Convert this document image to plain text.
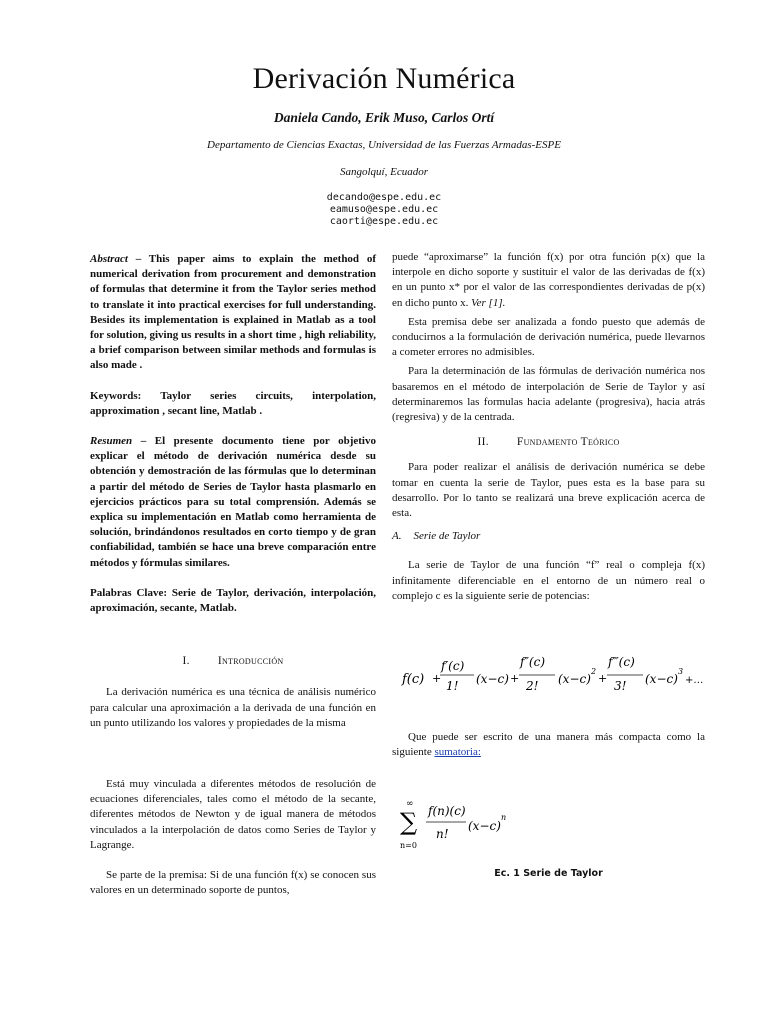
Derivación Numérica
Daniela Cando, Erik Muso, Carlos Ortí
Departamento de Ciencias Exactas, Universidad de las Fuerzas Armadas-ESPE
Sangolquí, Ecuador
decando@espe.edu.ec
eamuso@espe.edu.ec
caorti@espe.edu.ec

Abstract – This paper aims to explain the method of numerical derivation from procurement and demonstration of formulas that determine it from the Taylor series method to translate it into practical exercises for full understanding. Besides its implementation is explained in Matlab as a tool for solution, giving us results in a short time , high reliability, a brief comparison between similar methods and formulas is also made .

Keywords: Taylor series circuits, interpolation, approximation , secant line, Matlab .

Resumen – El presente documento tiene por objetivo explicar el método de derivación numérica desde su obtención y demostración de las fórmulas que lo determinan a partir del método de Series de Taylor hasta plasmarlo en ejercicios prácticos para su total comprensión. Además se explica su implementación en Matlab como herramienta de solución, brindándonos resultados en corto tiempo y de gran confiabilidad, también se hace una breve comparación entre métodos y fórmulas similares.

Palabras Clave: Serie de Taylor, derivación, interpolación, aproximación, secante, Matlab.

I. Introducción

La derivación numérica es una técnica de análisis numérico para calcular una aproximación a la derivada de una función en un punto utilizando los valores y propiedades de la misma

Está muy vinculada a diferentes métodos de resolución de ecuaciones diferenciales, tales como el método de la secante, diferentes métodos de Newton y de igual manera de métodos vinculados a la interpolación de datos como Series de Taylor y Lagrange.

Se parte de la premisa: Si de una función f(x) se conocen sus valores en un determinado soporte de puntos,

puede “aproximarse” la función f(x) por otra función p(x) que la interpole en dicho soporte y sustituir el valor de las derivadas de f(x) en un punto x* por el valor de las correspondientes derivadas de p(x) en dicho punto x. Ver [1].

Esta premisa debe ser analizada a fondo puesto que además de conducirnos a la formulación de derivación numérica, puede llevarnos a cometer errores no admisibles.

Para la determinación de las fórmulas de derivación numérica nos basaremos en el método de interpolación de Serie de Taylor y así determinaremos las formulas hacia adelante (progresiva), hacia atrás (regresiva) y de la centrada.

II. Fundamento Teórico

Para poder realizar el análisis de derivación numérica se debe tomar en cuenta la serie de Taylor, pues esta es la base para su desarrollo. Por lo tanto se realizará una breve explicación acerca de esta.

A. Serie de Taylor

La serie de Taylor de una función “f” real o compleja f(x) infinitamente diferenciable en el entorno de un número real o complejo c es la siguiente serie de potencias:

f(c) +
f′(c)
1! (x−c) +
f″(c)
2! (x−c)
2
+
f‴(c)
3! (x−c)
3
+…

Que puede ser escrito de una manera más compacta como la siguiente sumatoria:

∞
∑
n=0
f(n)(c)
n!
(x−c)
n
Ec. 1 Serie de Taylor
